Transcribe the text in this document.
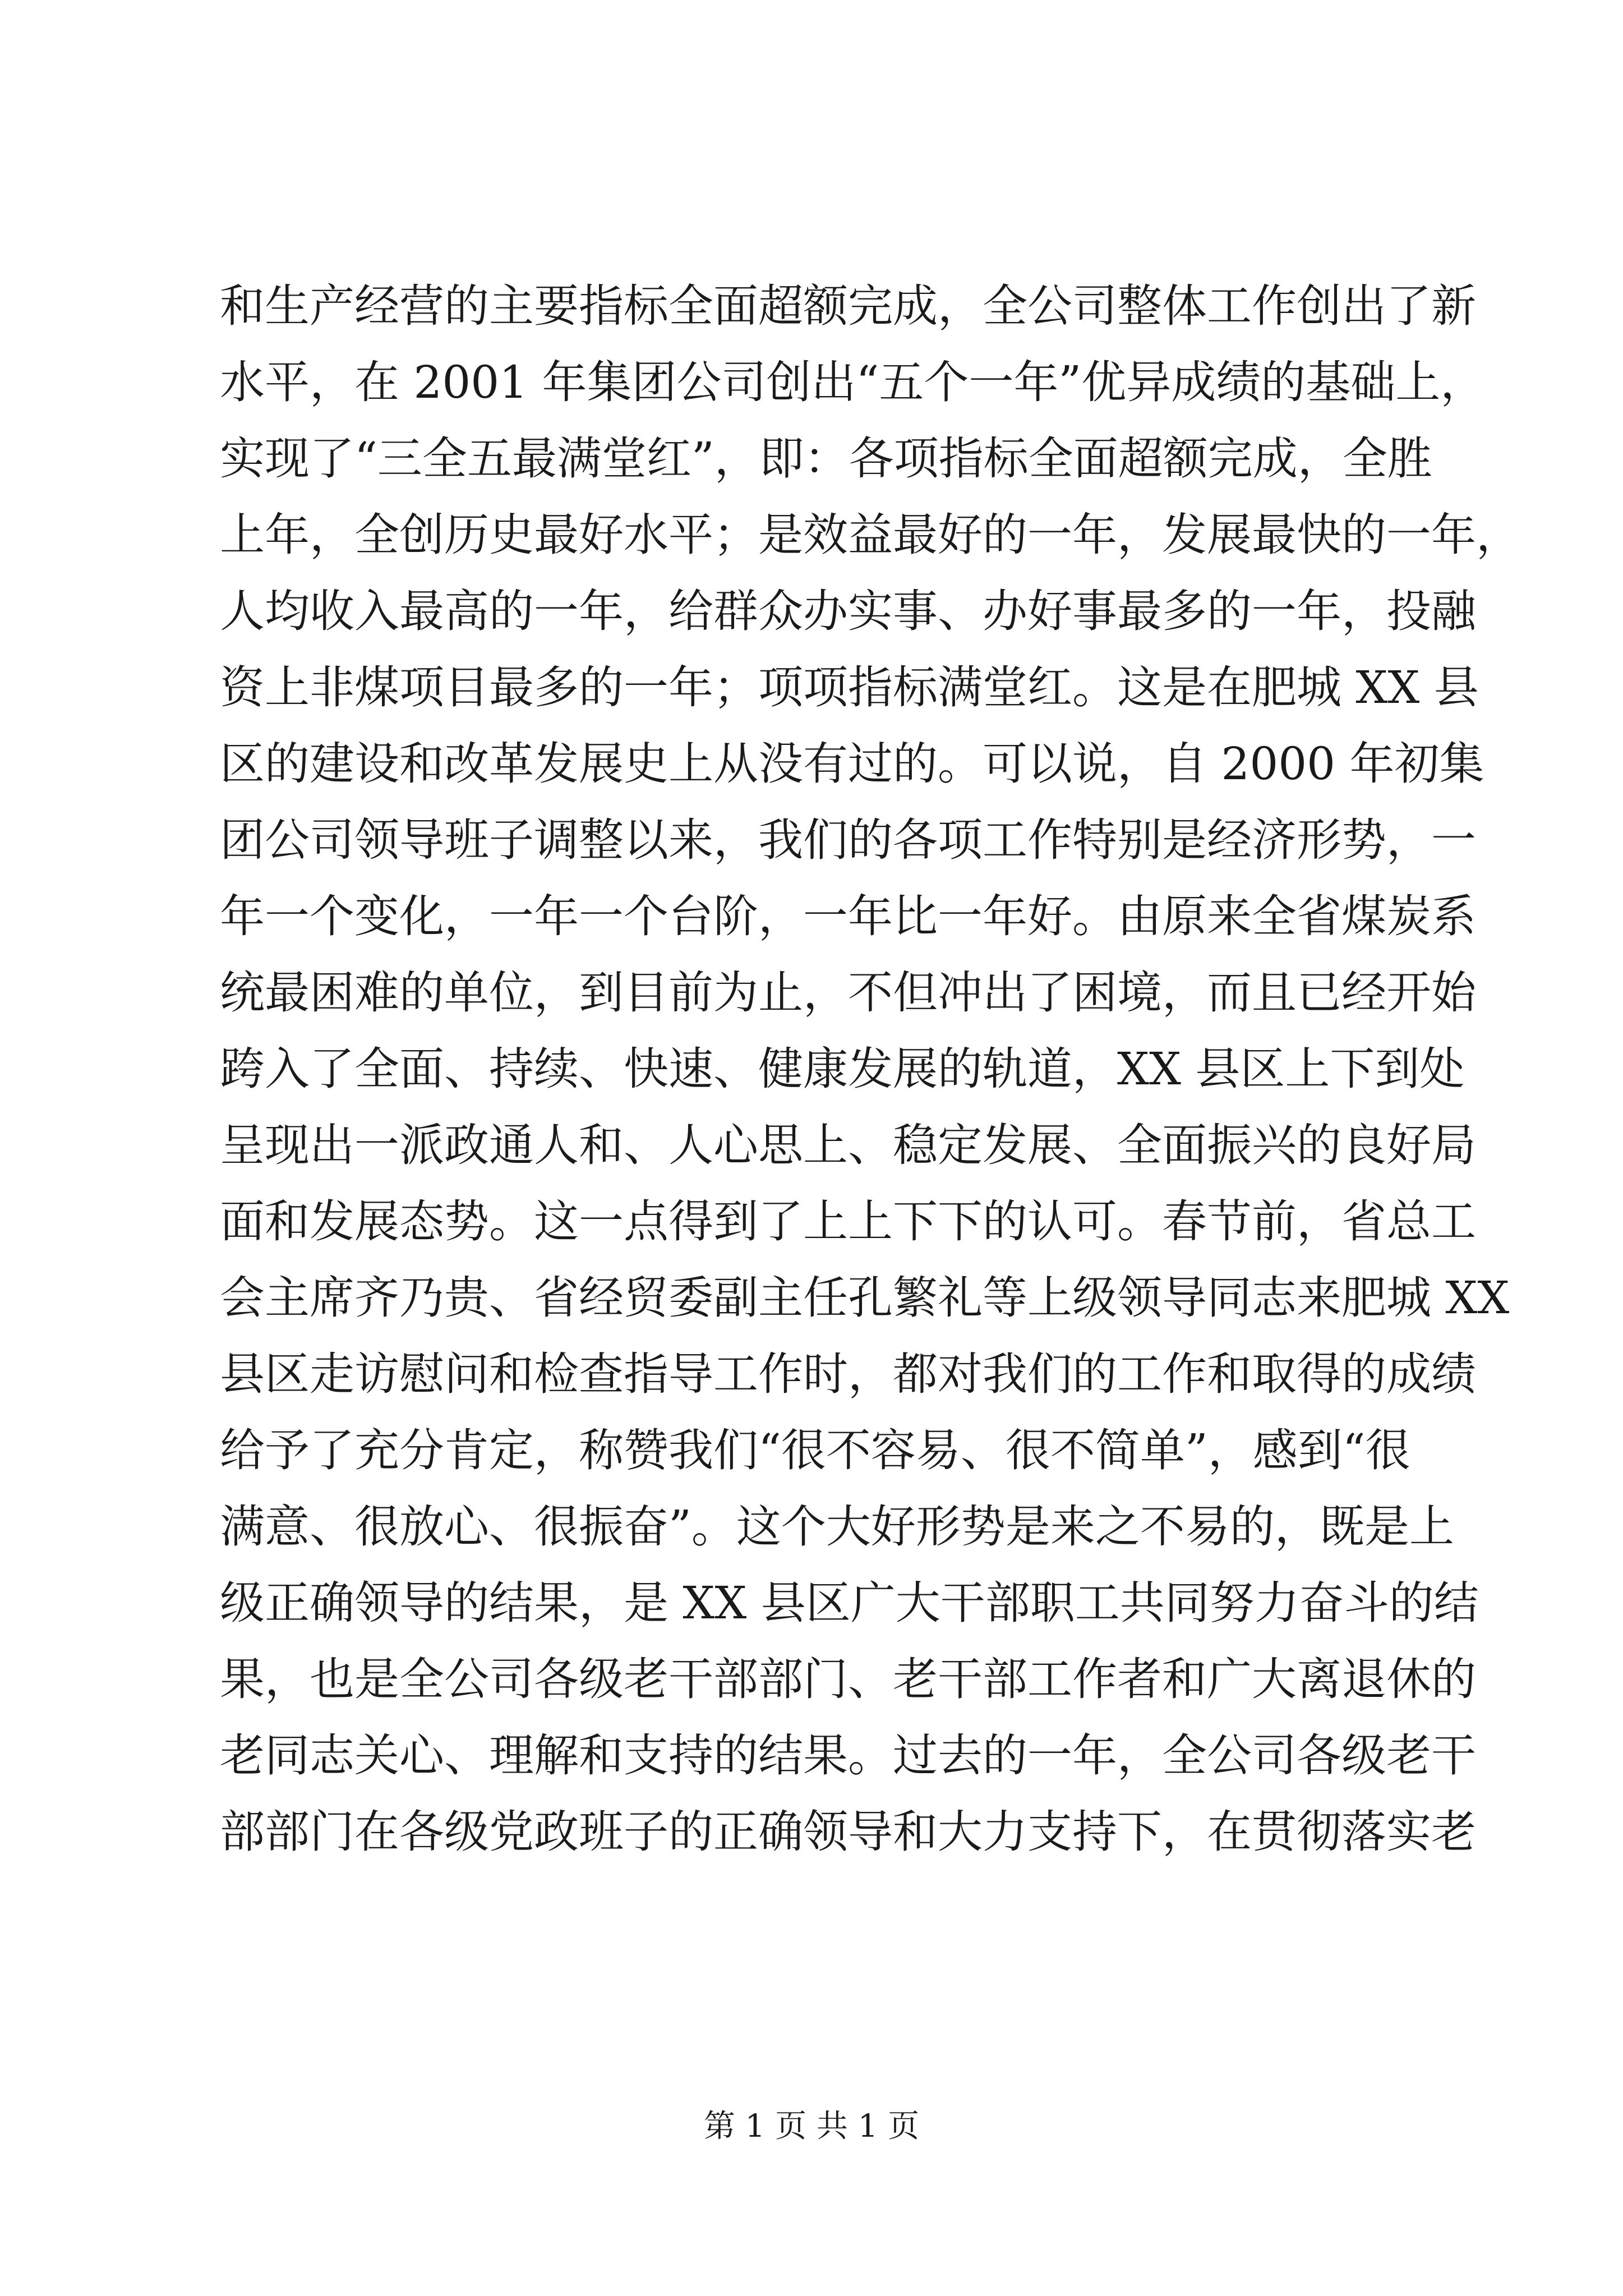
和生产经营的主要指标全面超额完成，全公司整体工作创出了新
水平，在 2001 年集团公司创出“五个一年”优异成绩的基础上，
实现了“三全五最满堂红”，即：各项指标全面超额完成，全胜
上年，全创历史最好水平；是效益最好的一年，发展最快的一年，
人均收入最高的一年，给群众办实事、办好事最多的一年，投融
资上非煤项目最多的一年；项项指标满堂红。这是在肥城 XX 县
区的建设和改革发展史上从没有过的。可以说，自 2000 年初集
团公司领导班子调整以来，我们的各项工作特别是经济形势，一
年一个变化，一年一个台阶，一年比一年好。由原来全省煤炭系
统最困难的单位，到目前为止，不但冲出了困境，而且已经开始
跨入了全面、持续、快速、健康发展的轨道，XX 县区上下到处
呈现出一派政通人和、人心思上、稳定发展、全面振兴的良好局
面和发展态势。这一点得到了上上下下的认可。春节前，省总工
会主席齐乃贵、省经贸委副主任孔繁礼等上级领导同志来肥城 XX
县区走访慰问和检查指导工作时，都对我们的工作和取得的成绩
给予了充分肯定，称赞我们“很不容易、很不简单”，感到“很
满意、很放心、很振奋”。这个大好形势是来之不易的，既是上
级正确领导的结果，是 XX 县区广大干部职工共同努力奋斗的结
果，也是全公司各级老干部部门、老干部工作者和广大离退休的
老同志关心、理解和支持的结果。过去的一年，全公司各级老干
部部门在各级党政班子的正确领导和大力支持下，在贯彻落实老
第 1 页 共 1 页
